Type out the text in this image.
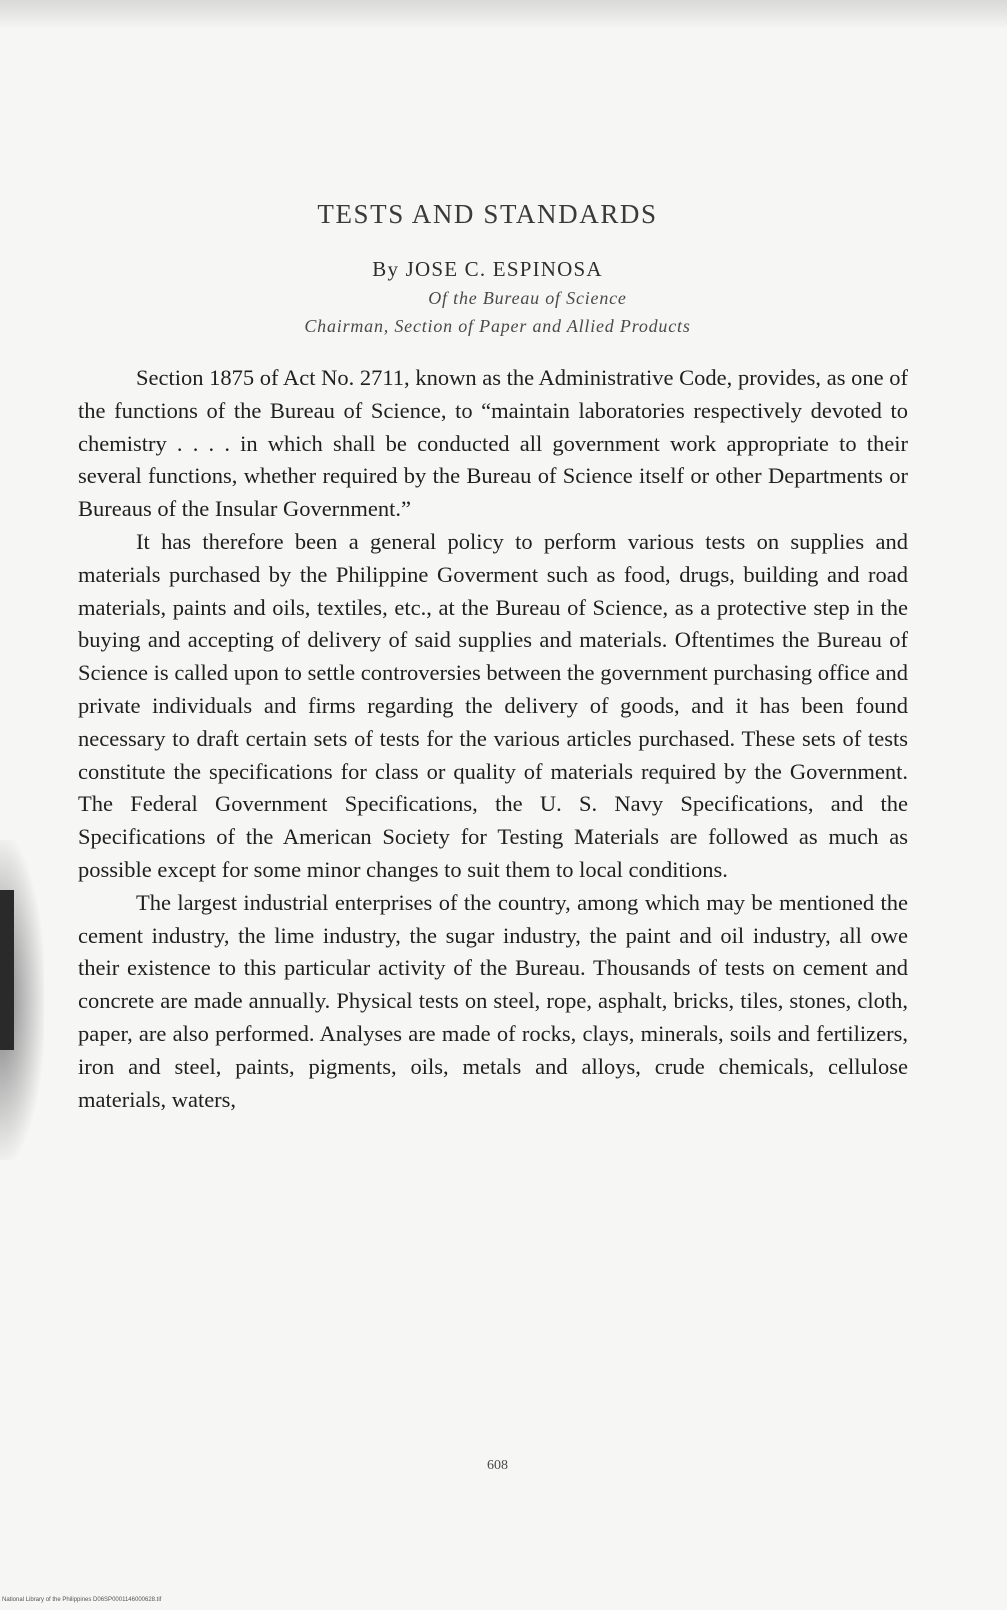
TESTS AND STANDARDS
By JOSE C. ESPINOSA
Of the Bureau of Science
Chairman, Section of Paper and Allied Products

Section 1875 of Act No. 2711, known as the Administrative Code, provides, as one of the functions of the Bureau of Science, to “maintain laboratories respectively devoted to chemistry . . . . in which shall be conducted all government work appropriate to their several functions, whether required by the Bureau of Science itself or other Departments or Bureaus of the Insular Government.”

It has therefore been a general policy to perform various tests on supplies and materials purchased by the Philippine Goverment such as food, drugs, building and road materials, paints and oils, textiles, etc., at the Bureau of Science, as a protective step in the buying and accepting of delivery of said supplies and materials. Oftentimes the Bureau of Science is called upon to settle controversies between the government purchasing office and private individuals and firms regarding the delivery of goods, and it has been found necessary to draft certain sets of tests for the various articles purchased. These sets of tests constitute the specifications for class or quality of materials required by the Government. The Federal Government Specifications, the U. S. Navy Specifications, and the Specifications of the American Society for Testing Materials are followed as much as possible except for some minor changes to suit them to local conditions.

The largest industrial enterprises of the country, among which may be mentioned the cement industry, the lime industry, the sugar industry, the paint and oil industry, all owe their existence to this particular activity of the Bureau. Thousands of tests on cement and concrete are made annually. Physical tests on steel, rope, asphalt, bricks, tiles, stones, cloth, paper, are also performed. Analyses are made of rocks, clays, minerals, soils and fertilizers, iron and steel, paints, pigments, oils, metals and alloys, crude chemicals, cellulose materials, waters,

608
National Library of the Philippines D06SP0001146000628.tif
